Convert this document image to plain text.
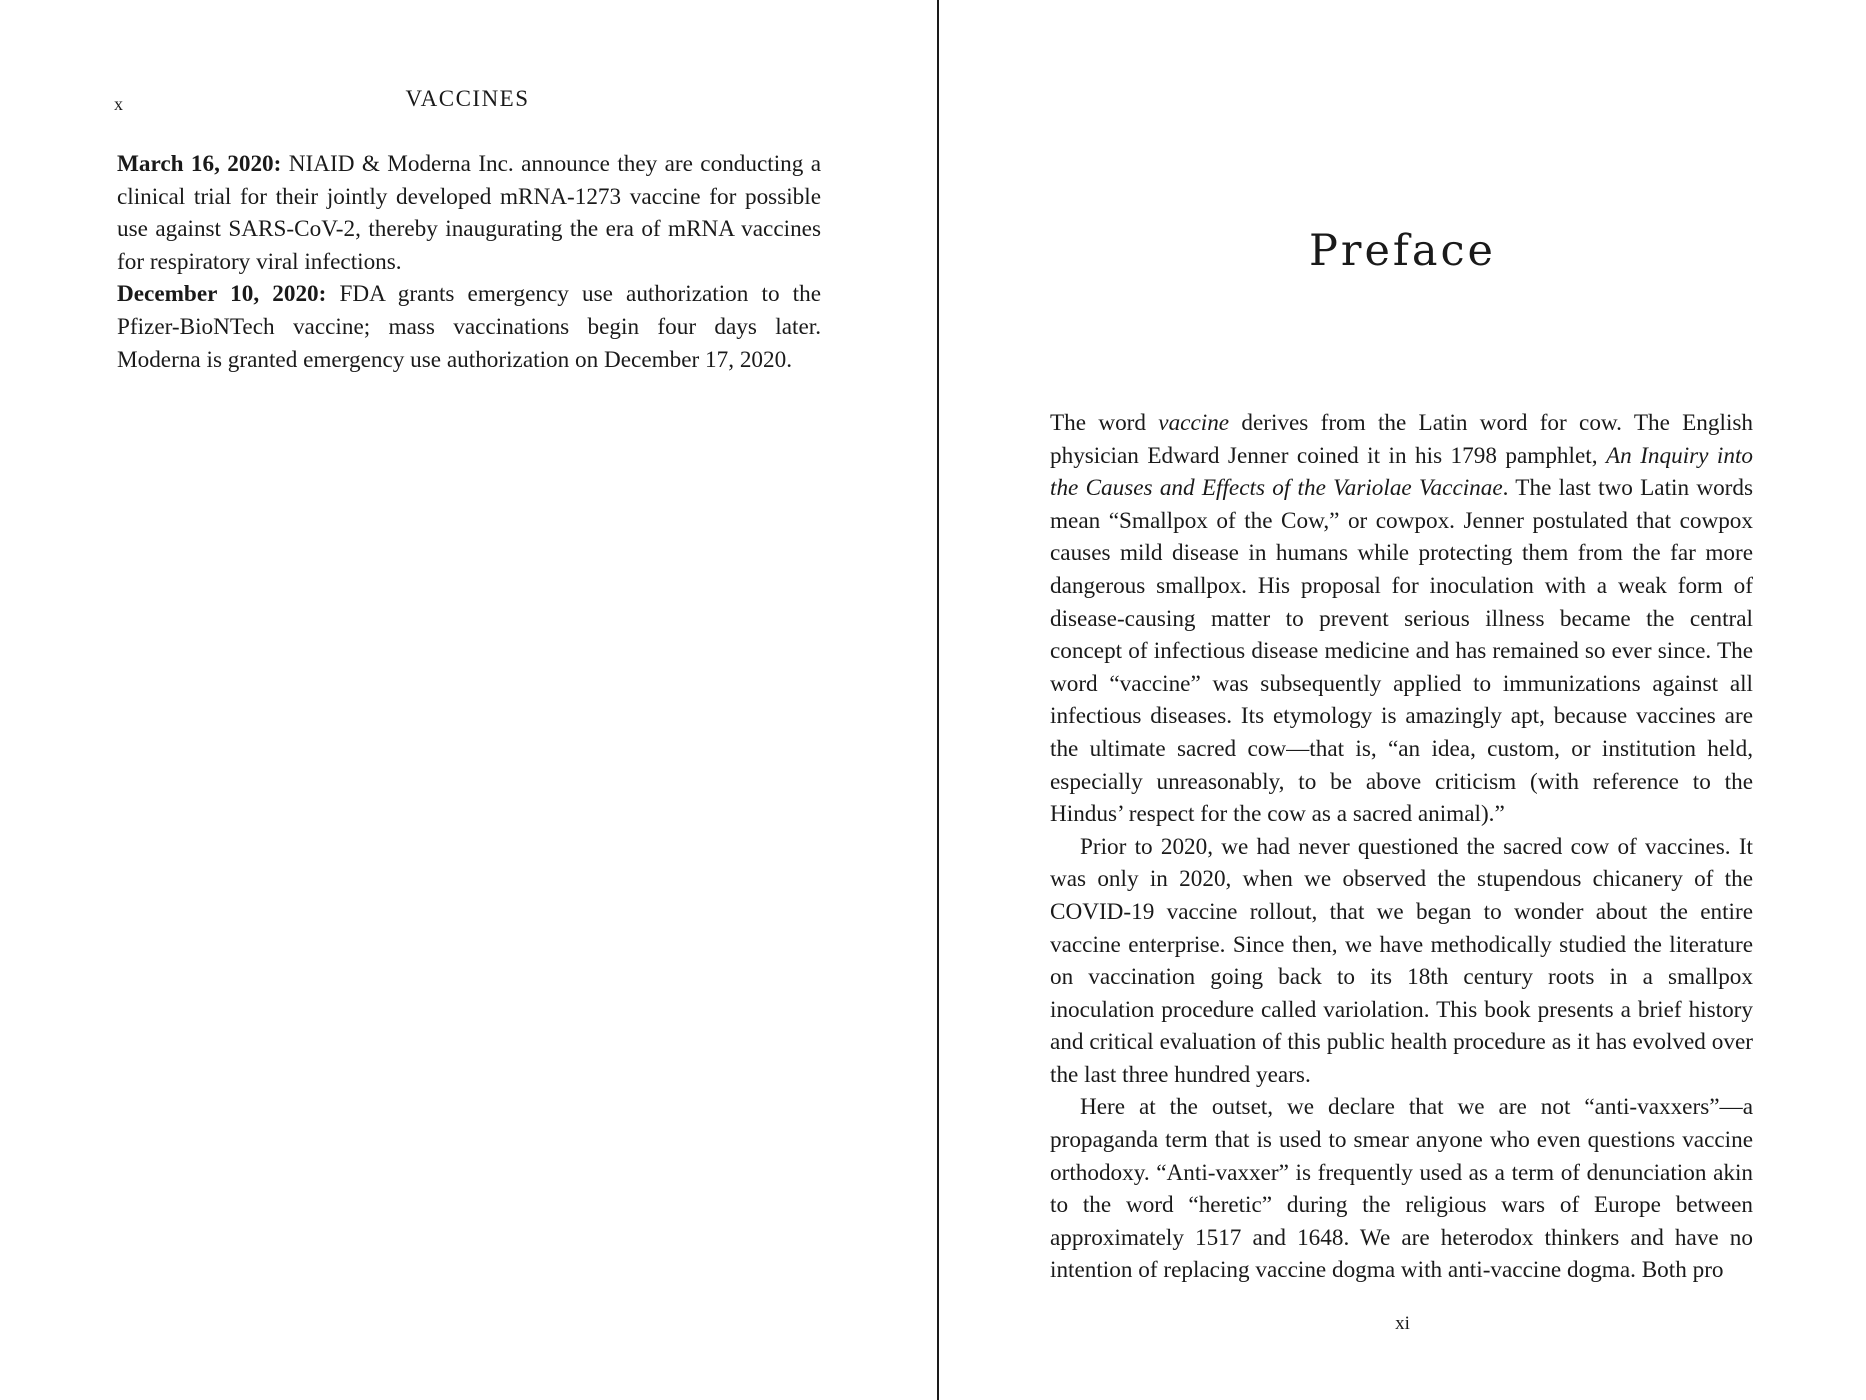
x	VACCINES

March 16, 2020: NIAID & Moderna Inc. announce they are conducting a clinical trial for their jointly developed mRNA-1273 vaccine for possible use against SARS-CoV-2, thereby inaugurating the era of mRNA vaccines for respiratory viral infections.

December 10, 2020: FDA grants emergency use authorization to the Pfizer-BioNTech vaccine; mass vaccinations begin four days later. Moderna is granted emergency use authorization on December 17, 2020.

Preface

The word vaccine derives from the Latin word for cow. The English physician Edward Jenner coined it in his 1798 pamphlet, An Inquiry into the Causes and Effects of the Variolae Vaccinae. The last two Latin words mean “Smallpox of the Cow,” or cowpox. Jenner postulated that cowpox causes mild disease in humans while protecting them from the far more dangerous smallpox. His proposal for inoculation with a weak form of disease-causing matter to prevent serious illness became the central concept of infectious disease medicine and has remained so ever since. The word “vaccine” was subsequently applied to immunizations against all infectious diseases. Its etymology is amazingly apt, because vaccines are the ultimate sacred cow—that is, “an idea, custom, or institution held, especially unreasonably, to be above criticism (with reference to the Hindus’ respect for the cow as a sacred animal).”

Prior to 2020, we had never questioned the sacred cow of vaccines. It was only in 2020, when we observed the stupendous chicanery of the COVID-19 vaccine rollout, that we began to wonder about the entire vaccine enterprise. Since then, we have methodically studied the literature on vaccination going back to its 18th century roots in a smallpox inoculation procedure called variolation. This book presents a brief history and critical evaluation of this public health procedure as it has evolved over the last three hundred years.

Here at the outset, we declare that we are not “anti-vaxxers”—a propaganda term that is used to smear anyone who even questions vaccine orthodoxy. “Anti-vaxxer” is frequently used as a term of denunciation akin to the word “heretic” during the religious wars of Europe between approximately 1517 and 1648. We are heterodox thinkers and have no intention of replacing vaccine dogma with anti-vaccine dogma. Both pro

xi
